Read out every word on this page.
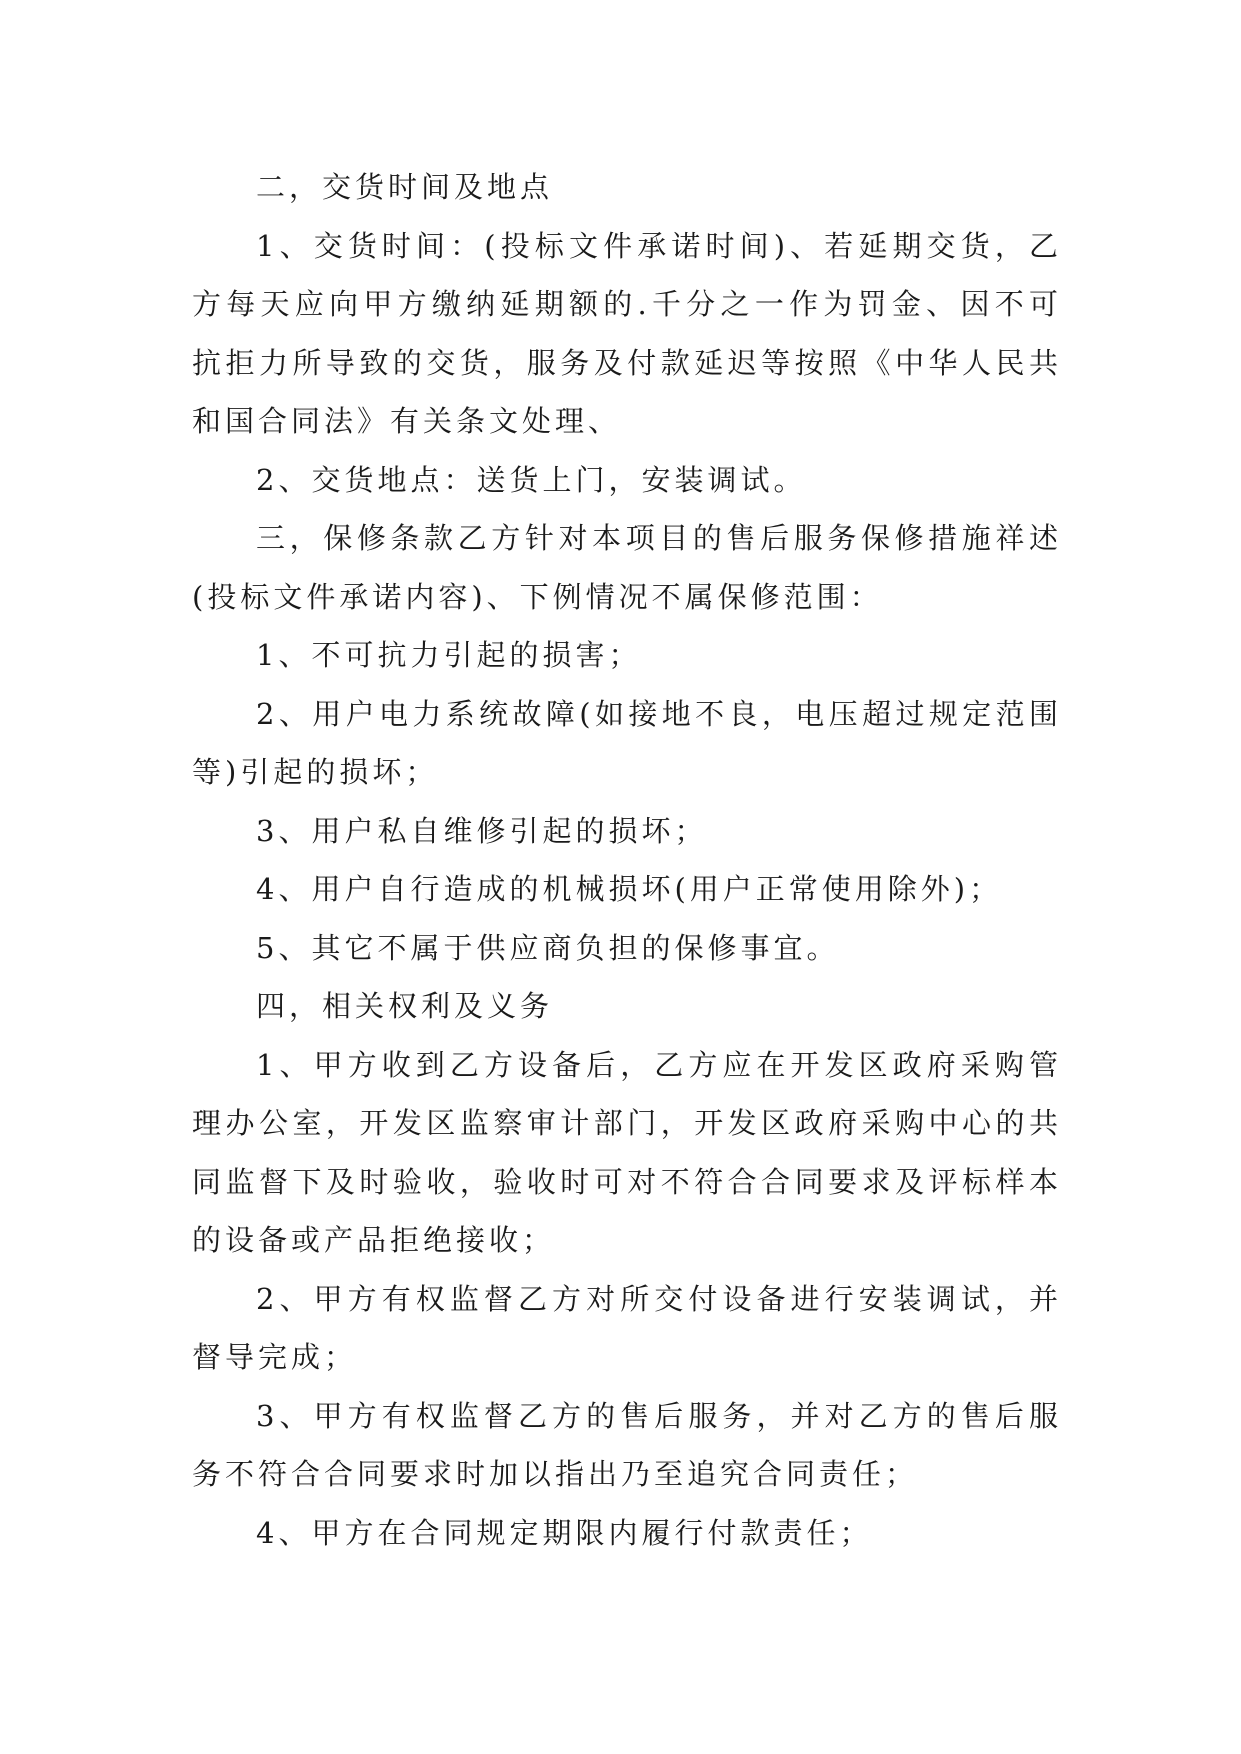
二，交货时间及地点

1、交货时间：(投标文件承诺时间)、若延期交货，乙方每天应向甲方缴纳延期额的.千分之一作为罚金、因不可抗拒力所导致的交货，服务及付款延迟等按照《中华人民共和国合同法》有关条文处理、

2、交货地点：送货上门，安装调试。

三，保修条款乙方针对本项目的售后服务保修措施祥述(投标文件承诺内容)、下例情况不属保修范围：

1、不可抗力引起的损害；

2、用户电力系统故障(如接地不良，电压超过规定范围等)引起的损坏；

3、用户私自维修引起的损坏；

4、用户自行造成的机械损坏(用户正常使用除外)；

5、其它不属于供应商负担的保修事宜。

四，相关权利及义务

1、甲方收到乙方设备后，乙方应在开发区政府采购管理办公室，开发区监察审计部门，开发区政府采购中心的共同监督下及时验收，验收时可对不符合合同要求及评标样本的设备或产品拒绝接收；

2、甲方有权监督乙方对所交付设备进行安装调试，并督导完成；

3、甲方有权监督乙方的售后服务，并对乙方的售后服务不符合合同要求时加以指出乃至追究合同责任；

4、甲方在合同规定期限内履行付款责任；
